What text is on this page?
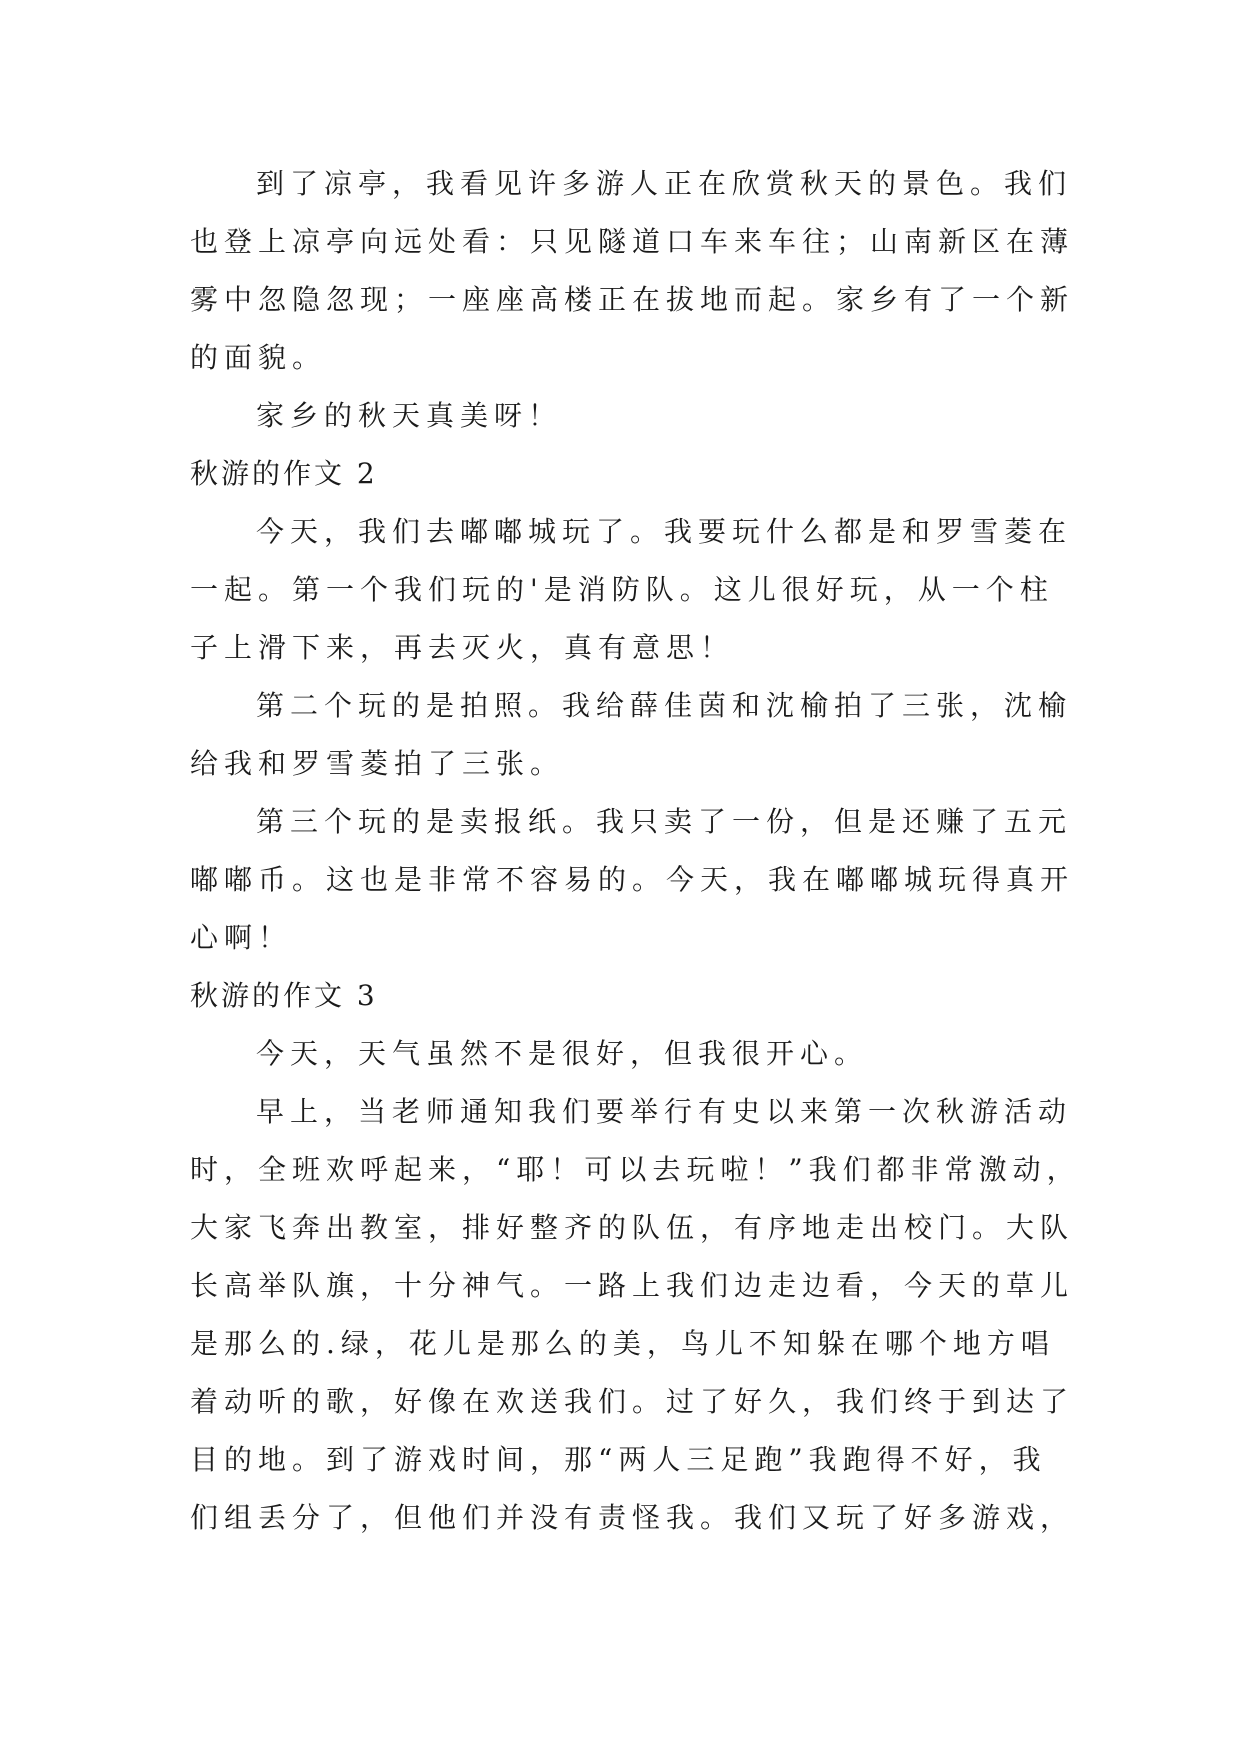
到了凉亭，我看见许多游人正在欣赏秋天的景色。我们
也登上凉亭向远处看：只见隧道口车来车往；山南新区在薄
雾中忽隐忽现；一座座高楼正在拔地而起。家乡有了一个新
的面貌。
家乡的秋天真美呀！
秋游的作文 2
今天，我们去嘟嘟城玩了。我要玩什么都是和罗雪菱在
一起。第一个我们玩的'是消防队。这儿很好玩，从一个柱
子上滑下来，再去灭火，真有意思！
第二个玩的是拍照。我给薛佳茵和沈榆拍了三张，沈榆
给我和罗雪菱拍了三张。
第三个玩的是卖报纸。我只卖了一份，但是还赚了五元
嘟嘟币。这也是非常不容易的。今天，我在嘟嘟城玩得真开
心啊！
秋游的作文 3
今天，天气虽然不是很好，但我很开心。
早上，当老师通知我们要举行有史以来第一次秋游活动
时，全班欢呼起来，“耶！可以去玩啦！”我们都非常激动，
大家飞奔出教室，排好整齐的队伍，有序地走出校门。大队
长高举队旗，十分神气。一路上我们边走边看，今天的草儿
是那么的.绿，花儿是那么的美，鸟儿不知躲在哪个地方唱
着动听的歌，好像在欢送我们。过了好久，我们终于到达了
目的地。到了游戏时间，那“两人三足跑”我跑得不好，我
们组丢分了，但他们并没有责怪我。我们又玩了好多游戏，
